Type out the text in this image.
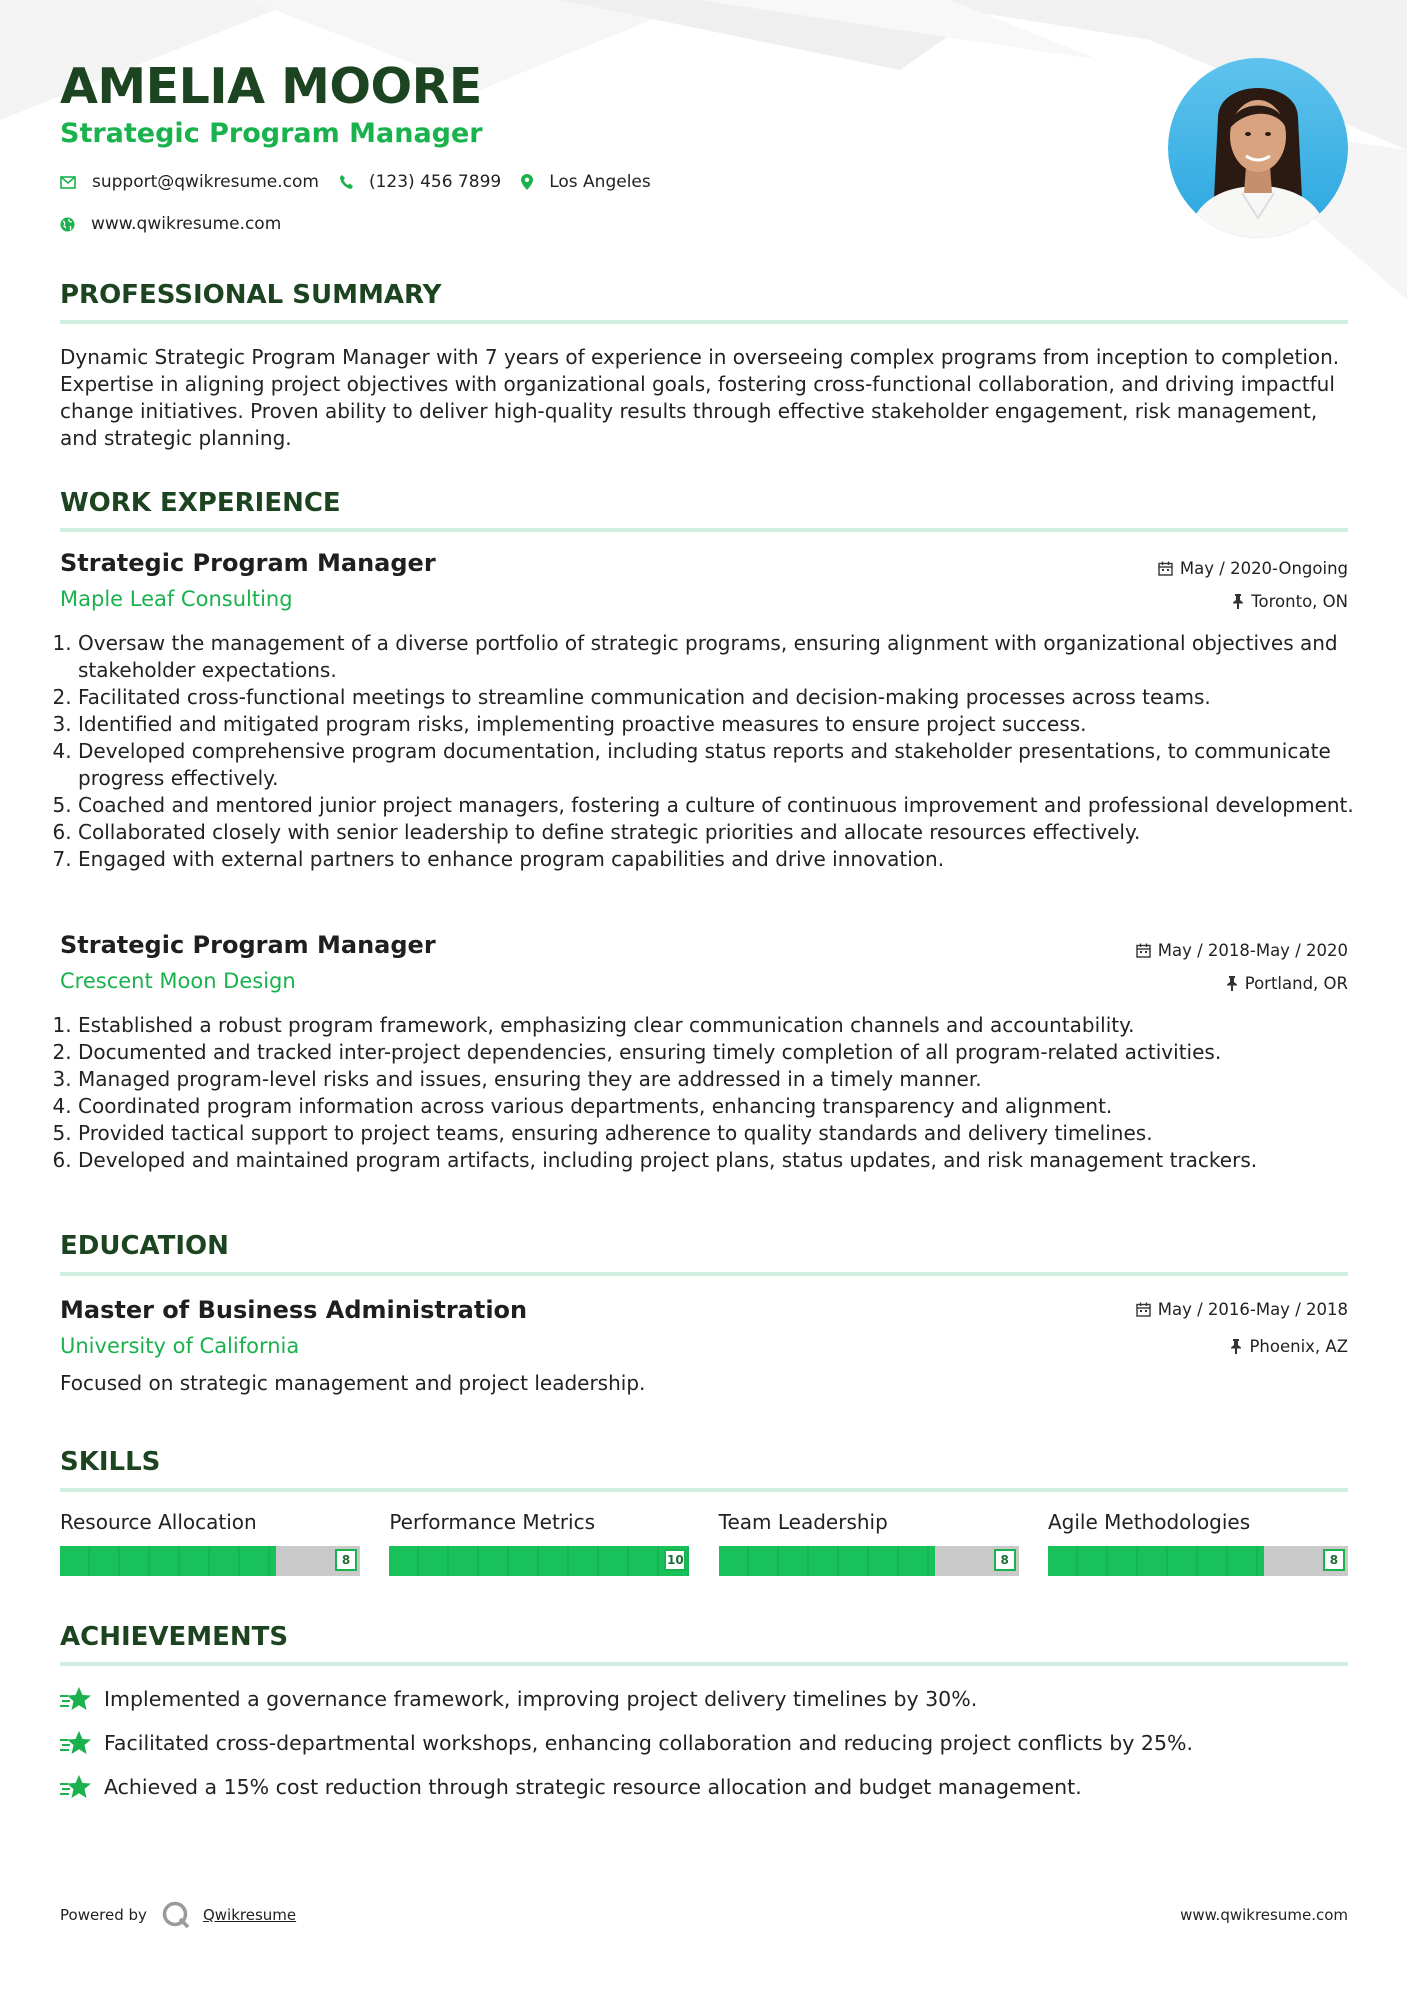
AMELIA MOORE
Strategic Program Manager
support@qwikresume.com	(123) 456 7899	Los Angeles
www.qwikresume.com
PROFESSIONAL SUMMARY

Dynamic Strategic Program Manager with 7 years of experience in overseeing complex programs from inception to completion. Expertise in aligning project objectives with organizational goals, fostering cross-functional collaboration, and driving impactful change initiatives. Proven ability to deliver high-quality results through effective stakeholder engagement, risk management, and strategic planning.

WORK EXPERIENCE
Strategic Program Manager
Maple Leaf Consulting
May / 2020-Ongoing
Toronto, ON
1. Oversaw the management of a diverse portfolio of strategic programs, ensuring alignment with organizational objectives and stakeholder expectations.
2. Facilitated cross-functional meetings to streamline communication and decision-making processes across teams.
3. Identified and mitigated program risks, implementing proactive measures to ensure project success.
4. Developed comprehensive program documentation, including status reports and stakeholder presentations, to communicate progress effectively.
5. Coached and mentored junior project managers, fostering a culture of continuous improvement and professional development.
6. Collaborated closely with senior leadership to define strategic priorities and allocate resources effectively.
7. Engaged with external partners to enhance program capabilities and drive innovation.
Strategic Program Manager
Crescent Moon Design
May / 2018-May / 2020
Portland, OR
1. Established a robust program framework, emphasizing clear communication channels and accountability.
2. Documented and tracked inter-project dependencies, ensuring timely completion of all program-related activities.
3. Managed program-level risks and issues, ensuring they are addressed in a timely manner.
4. Coordinated program information across various departments, enhancing transparency and alignment.
5. Provided tactical support to project teams, ensuring adherence to quality standards and delivery timelines.
6. Developed and maintained program artifacts, including project plans, status updates, and risk management trackers.
EDUCATION
Master of Business Administration
University of California
May / 2016-May / 2018
Phoenix, AZ

Focused on strategic management and project leadership.

SKILLS
Resource Allocation
8
Performance Metrics
10
Team Leadership
8
Agile Methodologies
8
ACHIEVEMENTS
Implemented a governance framework, improving project delivery timelines by 30%.
Facilitated cross-departmental workshops, enhancing collaboration and reducing project conflicts by 25%.
Achieved a 15% cost reduction through strategic resource allocation and budget management.
Powered by	Qwikresume	www.qwikresume.com
